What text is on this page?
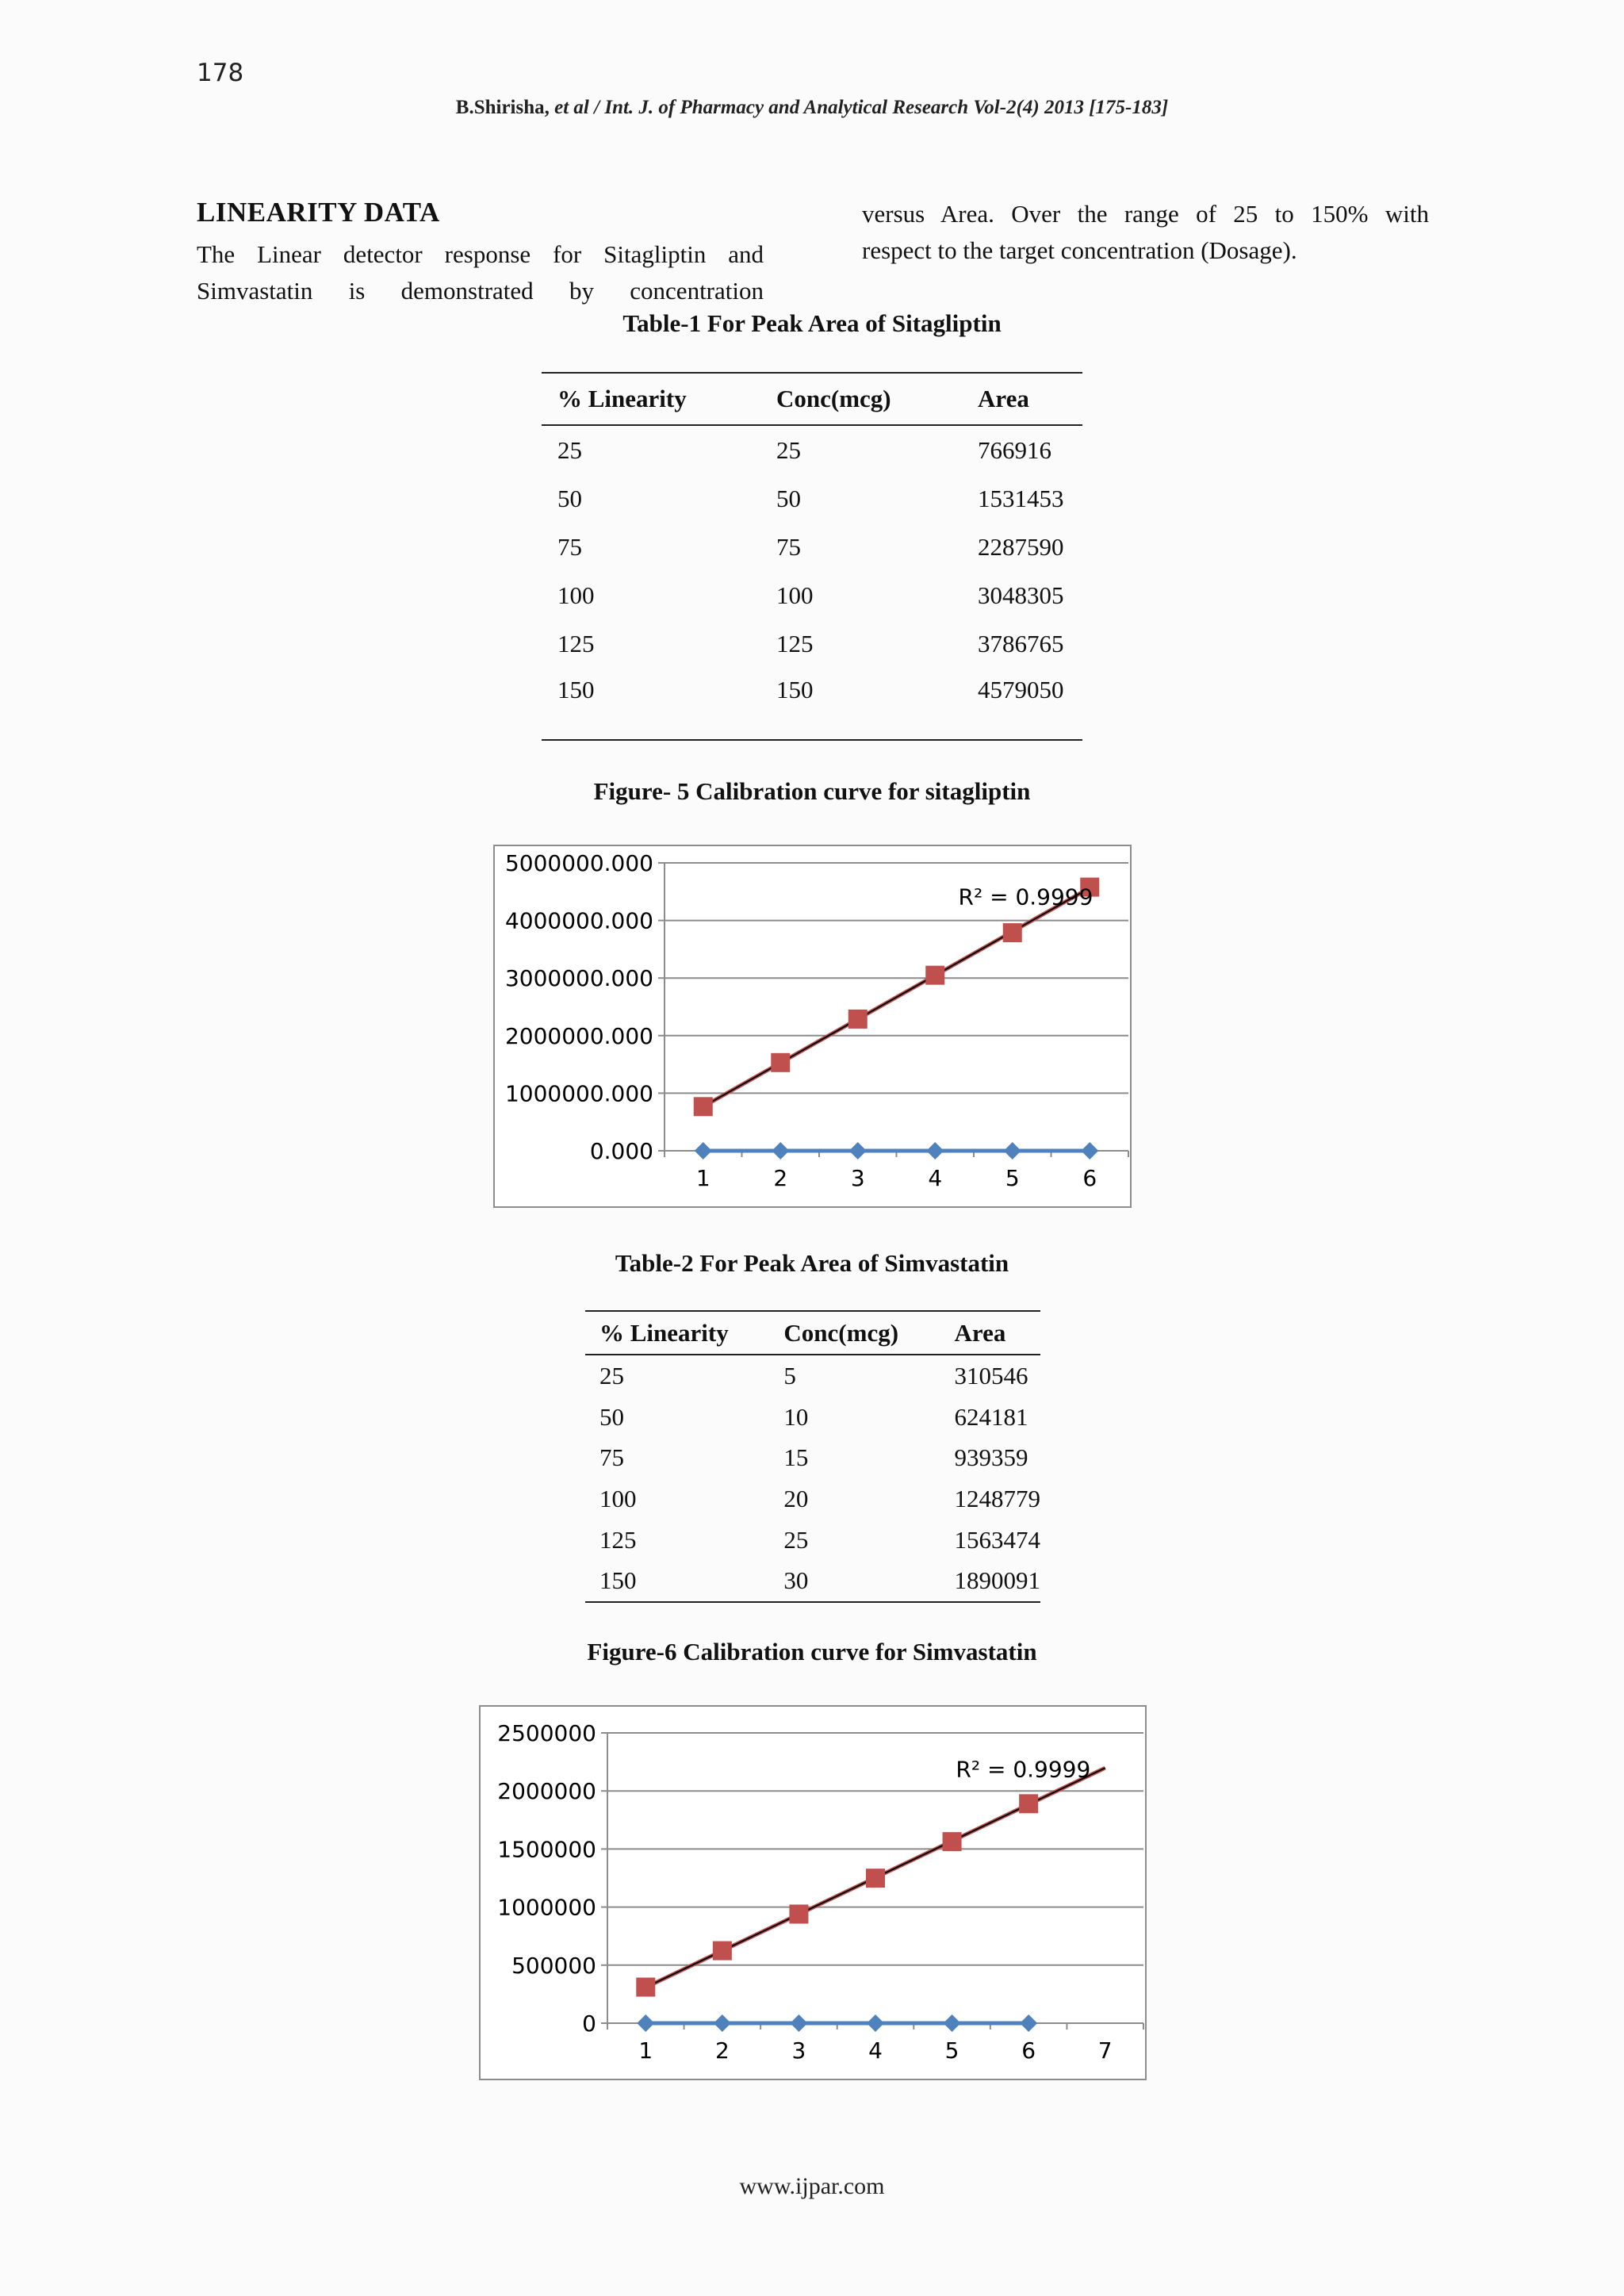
178
B.Shirisha, et al / Int. J. of Pharmacy and Analytical Research Vol-2(4) 2013 [175-183]
LINEARITY DATA
The Linear detector response for Sitagliptin and Simvastatin is demonstrated by concentration
versus Area. Over the range of 25 to 150% with
respect to the target concentration (Dosage).
Table-1 For Peak Area of Sitagliptin
% Linearity	Conc(mcg)	Area
25	25	766916
50	50	1531453
75	75	2287590
100	100	3048305
125	125	3786765
150	150	4579050
Figure- 5 Calibration curve for sitagliptin
0.000
1000000.000
2000000.000
3000000.000
4000000.000
5000000.000
1	2	3	4	5	6
R² = 0.9999
Table-2 For Peak Area of Simvastatin
% Linearity	Conc(mcg)	Area
25	5	310546
50	10	624181
75	15	939359
100	20	1248779
125	25	1563474
150	30	1890091
Figure-6 Calibration curve for Simvastatin
0
500000
1000000
1500000
2000000
2500000
1	2	3	4	5	6	7
R² = 0.9999
www.ijpar.com
